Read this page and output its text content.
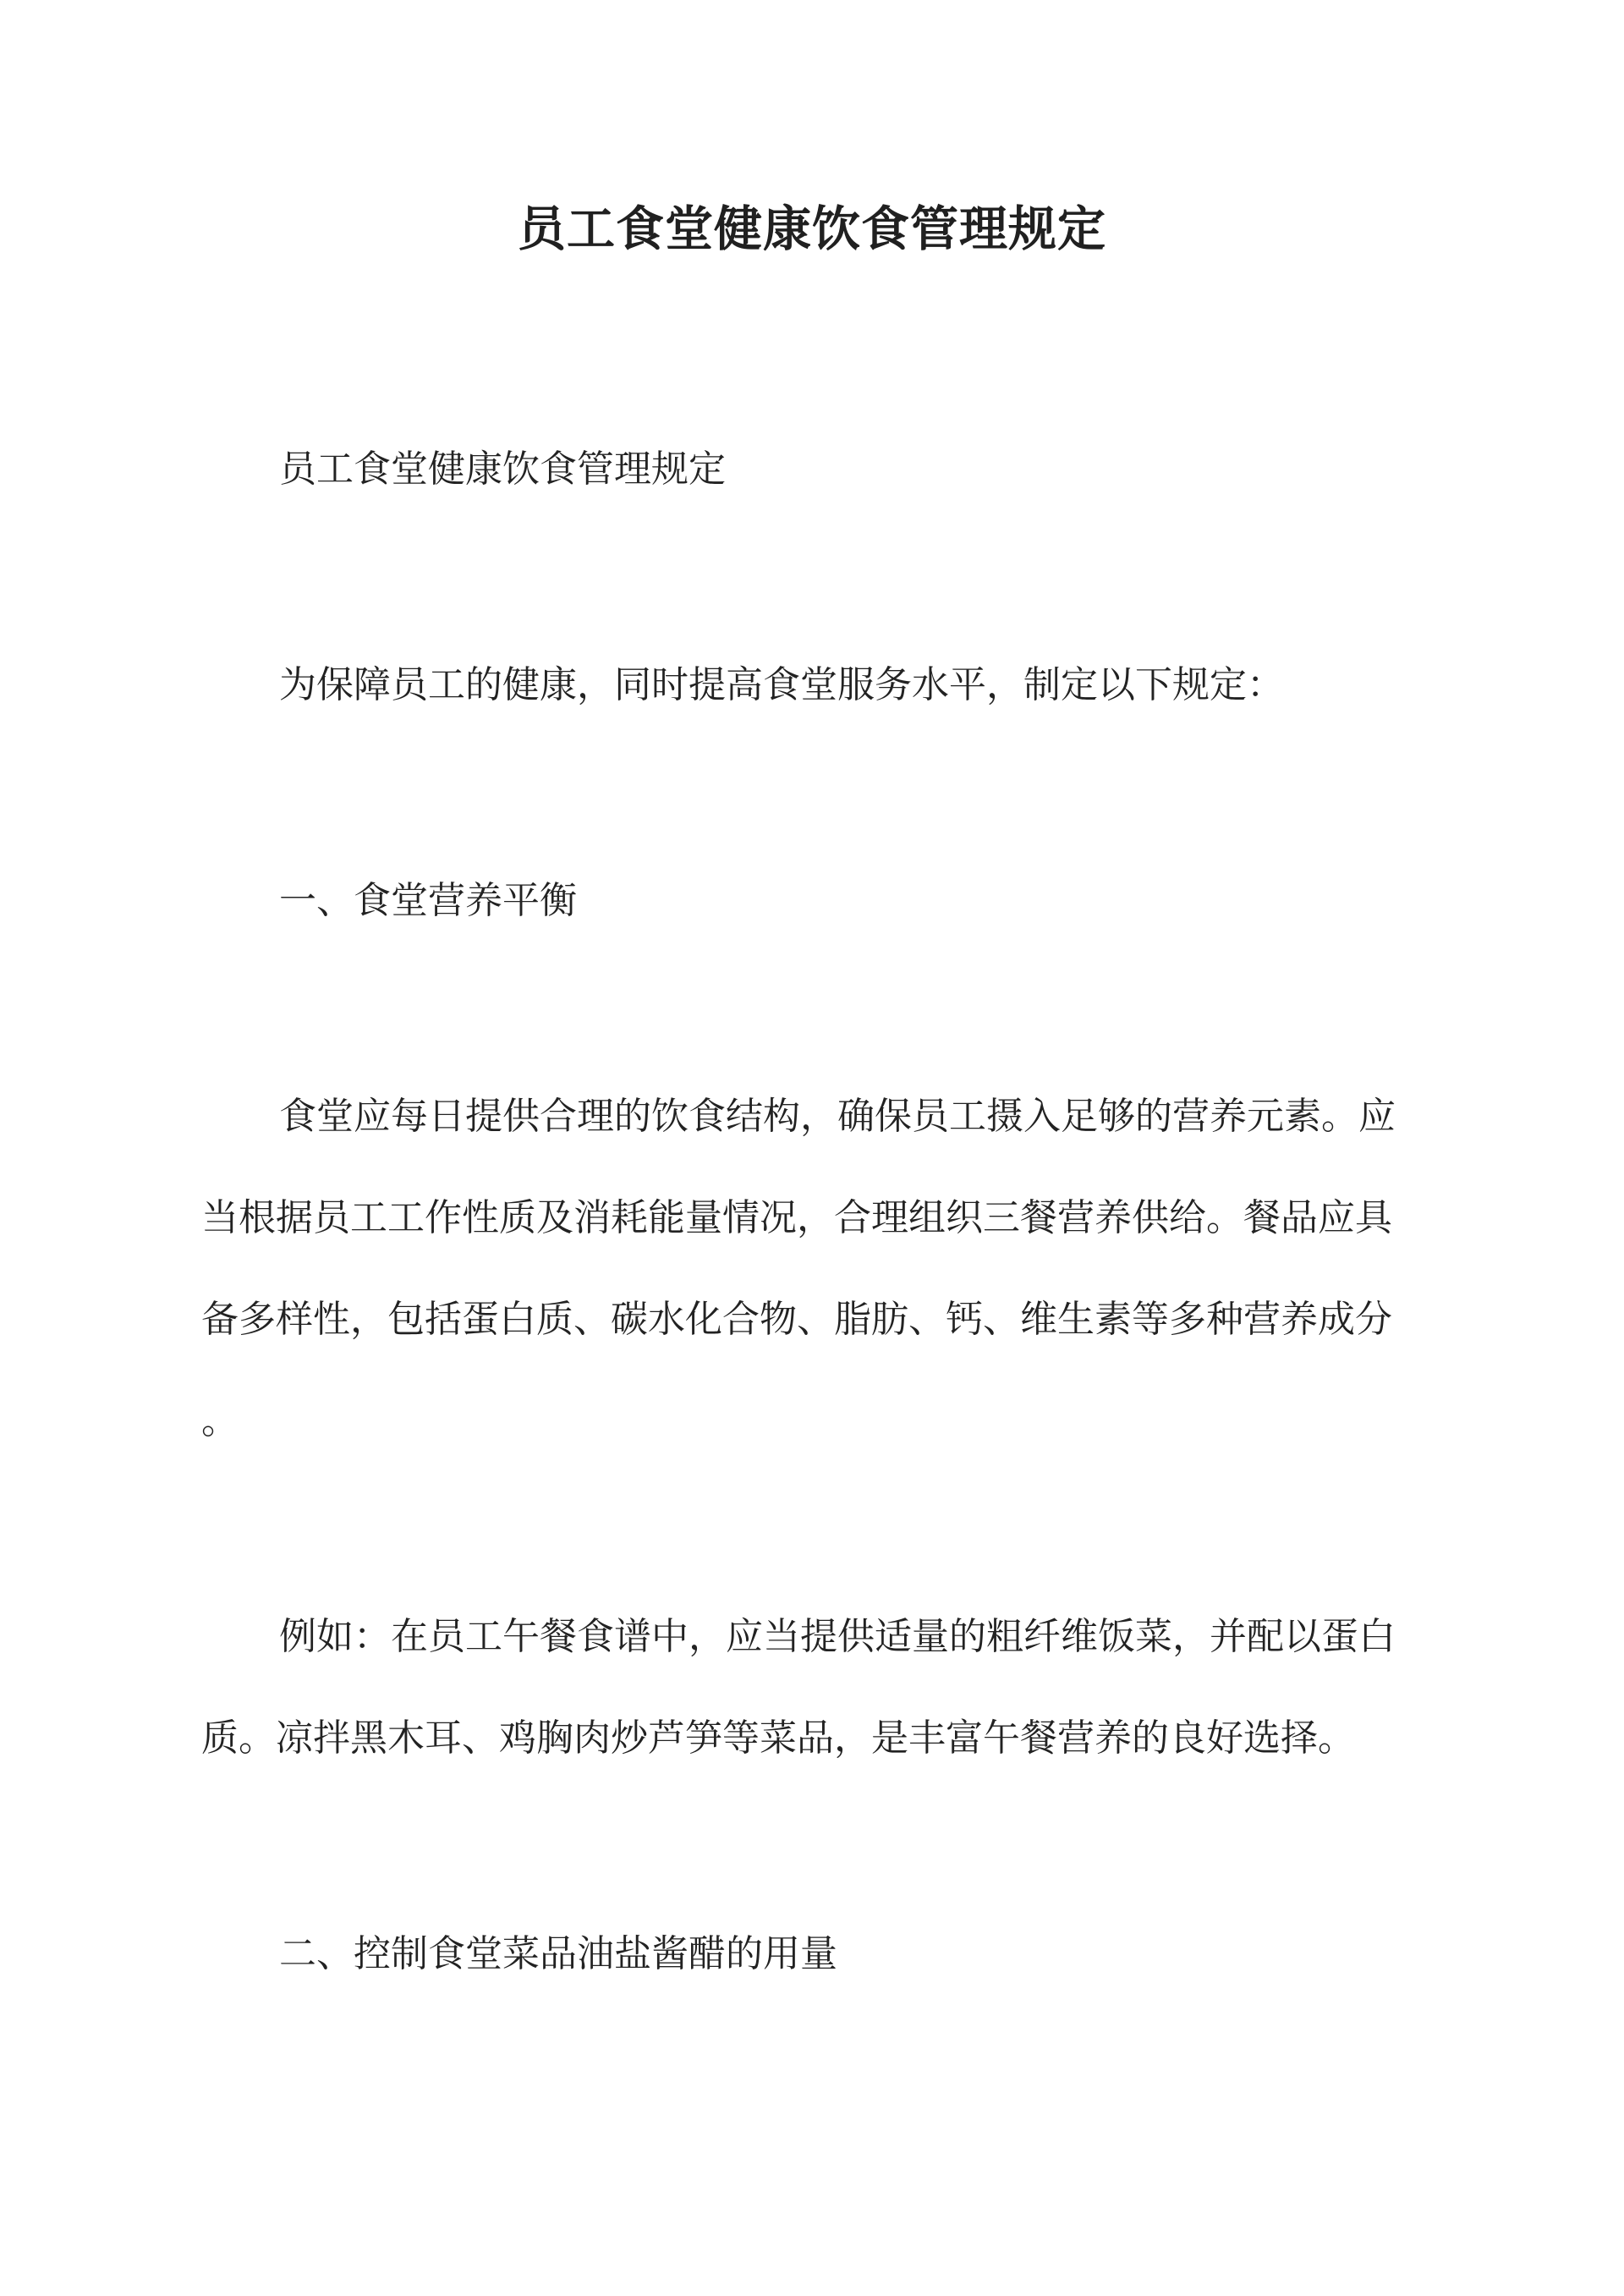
员工食堂健康饮食管理规定
员工食堂健康饮食管理规定
为保障员工的健康，同时提高食堂服务水平，制定以下规定：
一、食堂营养平衡
食堂应每日提供合理的饮食结构，确保员工摄入足够的营养元素。应
当根据员工工作性质及消耗能量情况，合理组织三餐营养供给。餐品应具
备多样性，包括蛋白质、碳水化合物、脂肪、钙、维生素等多种营养成分
。
例如：在员工午餐食谱中，应当提供适量的粗纤维饭菜，并配以蛋白
质。凉拌黑木耳、鸡胸肉炒芦笋等菜品，是丰富午餐营养的良好选择。
二、控制食堂菜品油盐酱醋的用量
